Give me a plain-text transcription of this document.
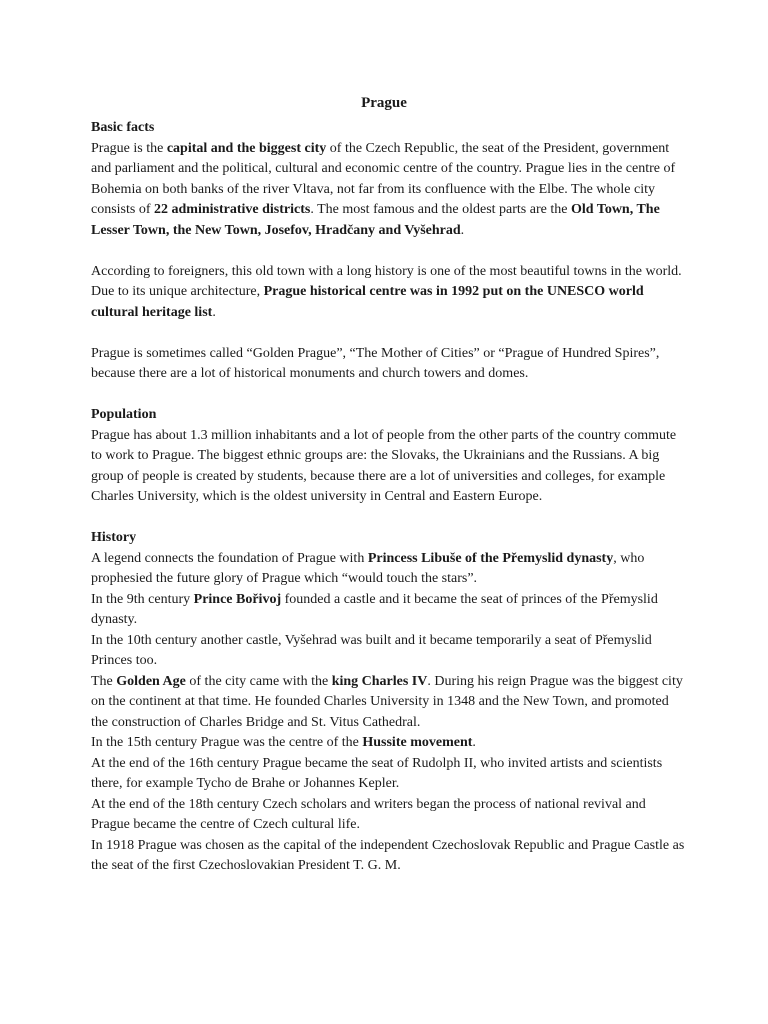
Prague
Basic facts

Prague is the capital and the biggest city of the Czech Republic, the seat of the President, government and parliament and the political, cultural and economic centre of the country. Prague lies in the centre of Bohemia on both banks of the river Vltava, not far from its confluence with the Elbe. The whole city consists of 22 administrative districts. The most famous and the oldest parts are the Old Town, The Lesser Town, the New Town, Josefov, Hradčany and Vyšehrad.

According to foreigners, this old town with a long history is one of the most beautiful towns in the world. Due to its unique architecture, Prague historical centre was in 1992 put on the UNESCO world cultural heritage list.

Prague is sometimes called “Golden Prague”, “The Mother of Cities” or “Prague of Hundred Spires”, because there are a lot of historical monuments and church towers and domes.

Population

Prague has about 1.3 million inhabitants and a lot of people from the other parts of the country commute to work to Prague. The biggest ethnic groups are: the Slovaks, the Ukrainians and the Russians. A big group of people is created by students, because there are a lot of universities and colleges, for example Charles University, which is the oldest university in Central and Eastern Europe.

History

A legend connects the foundation of Prague with Princess Libuše of the Přemyslid dynasty, who prophesied the future glory of Prague which “would touch the stars”.

In the 9th century Prince Bořivoj founded a castle and it became the seat of princes of the Přemyslid dynasty.

In the 10th century another castle, Vyšehrad was built and it became temporarily a seat of Přemyslid Princes too.

The Golden Age of the city came with the king Charles IV. During his reign Prague was the biggest city on the continent at that time. He founded Charles University in 1348 and the New Town, and promoted the construction of Charles Bridge and St. Vitus Cathedral.

In the 15th century Prague was the centre of the Hussite movement.

At the end of the 16th century Prague became the seat of Rudolph II, who invited artists and scientists there, for example Tycho de Brahe or Johannes Kepler.

At the end of the 18th century Czech scholars and writers began the process of national revival and Prague became the centre of Czech cultural life.

In 1918 Prague was chosen as the capital of the independent Czechoslovak Republic and Prague Castle as the seat of the first Czechoslovakian President T. G. M.
